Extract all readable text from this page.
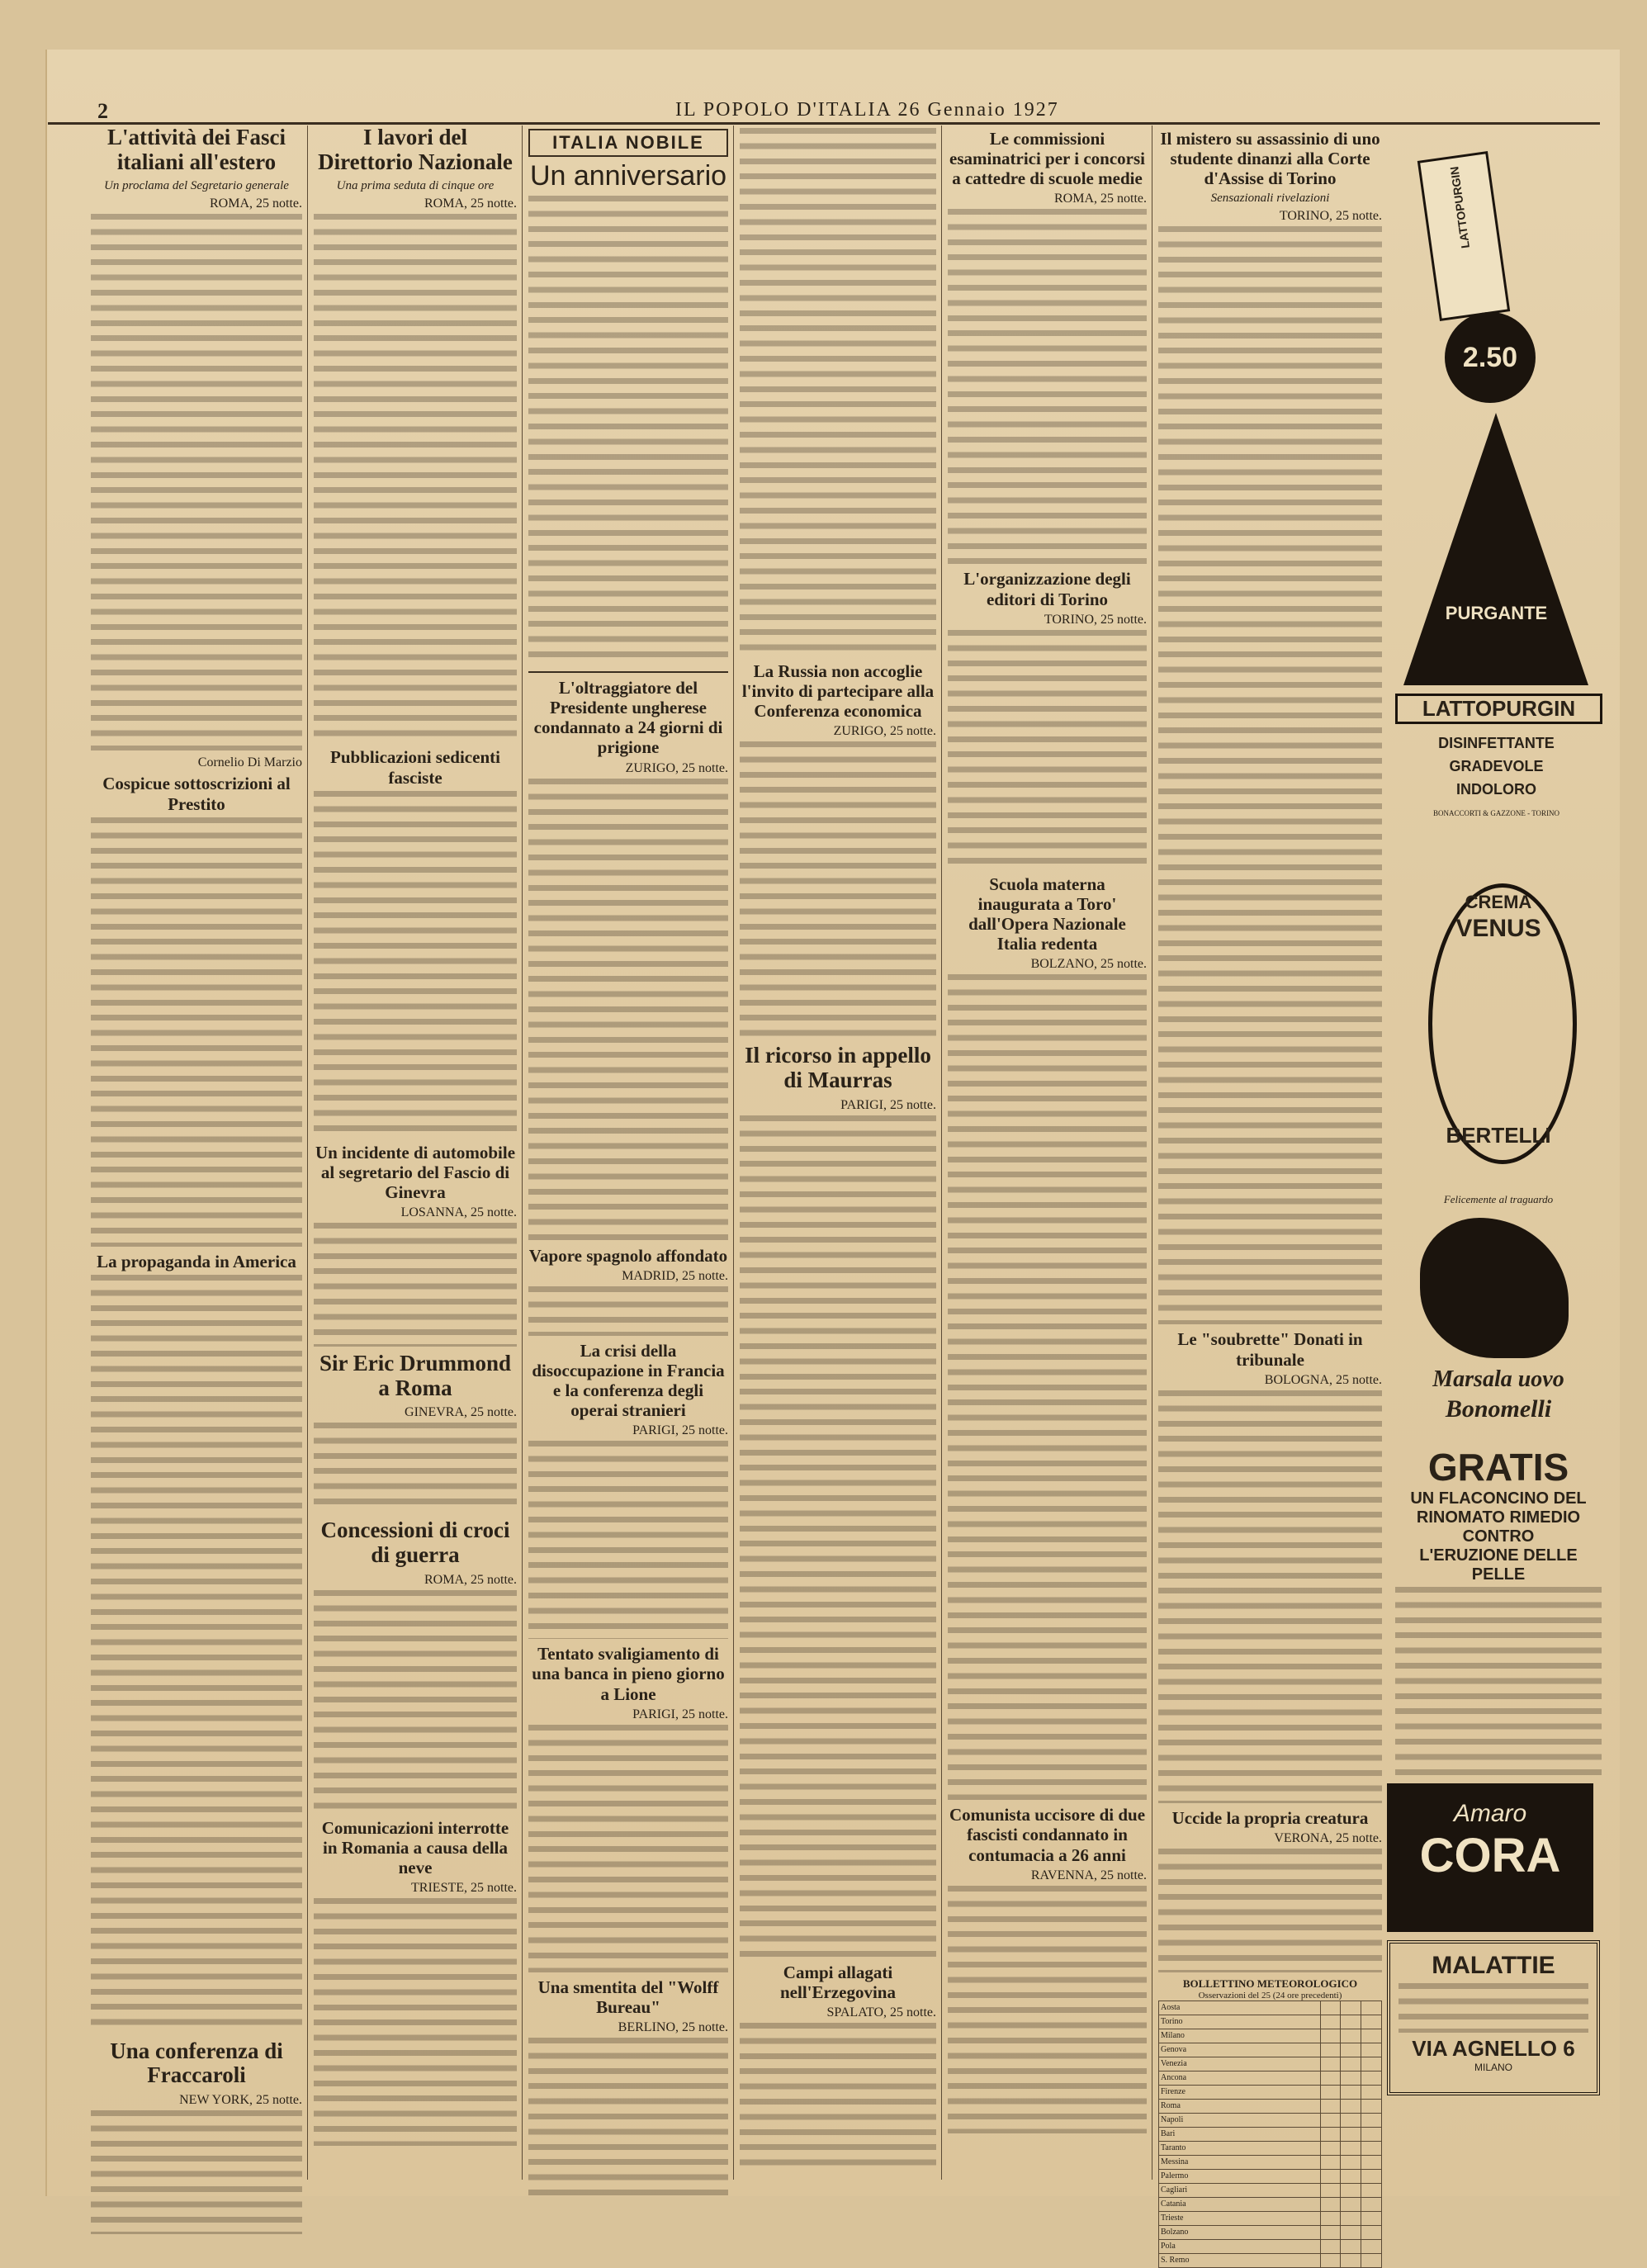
2	IL POPOLO D'ITALIA 26 Gennaio 1927
L'attività dei Fasci italiani all'estero
Un proclama del Segretario generale
ROMA, 25 notte.
Cornelio Di Marzio
Cospicue sottoscrizioni al Prestito
La propaganda in America
Una conferenza di Fraccaroli
NEW YORK, 25 notte.
I lavori del Direttorio Nazionale
Una prima seduta di cinque ore
ROMA, 25 notte.
Pubblicazioni sedicenti fasciste
Un incidente di automobile al segretario del Fascio di Ginevra
LOSANNA, 25 notte.
Sir Eric Drummond a Roma
GINEVRA, 25 notte.
Concessioni di croci di guerra
ROMA, 25 notte.
Comunicazioni interrotte in Romania a causa della neve
TRIESTE, 25 notte.
ITALIA NOBILE
Un anniversario
L'oltraggiatore del Presidente ungherese condannato a 24 giorni di prigione
ZURIGO, 25 notte.
Vapore spagnolo affondato
MADRID, 25 notte.
La crisi della disoccupazione in Francia e la conferenza degli operai stranieri
PARIGI, 25 notte.
Tentato svaligiamento di una banca in pieno giorno a Lione
PARIGI, 25 notte.
Una smentita del "Wolff Bureau"
BERLINO, 25 notte.
La Russia non accoglie l'invito di partecipare alla Conferenza economica
ZURIGO, 25 notte.
Il ricorso in appello di Maurras
PARIGI, 25 notte.
Campi allagati nell'Erzegovina
SPALATO, 25 notte.
Le commissioni esaminatrici per i concorsi a cattedre di scuole medie
ROMA, 25 notte.
L'organizzazione degli editori di Torino
TORINO, 25 notte.
Scuola materna inaugurata a Toro' dall'Opera Nazionale Italia redenta
BOLZANO, 25 notte.
Comunista uccisore di due fascisti condannato in contumacia a 26 anni
RAVENNA, 25 notte.
Il mistero su assassinio di uno studente dinanzi alla Corte d'Assise di Torino
Sensazionali rivelazioni
TORINO, 25 notte.
Le "soubrette" Donati in tribunale
BOLOGNA, 25 notte.
Uccide la propria creatura
VERONA, 25 notte.
BOLLETTINO METEOROLOGICO
Osservazioni del 25 (24 ore precedenti)
Aosta			
Torino			
Milano			
Genova			
Venezia			
Ancona			
Firenze			
Roma			
Napoli			
Bari			
Taranto			
Messina			
Palermo			
Cagliari			
Catania			
Trieste			
Bolzano			
Pola			
S. Remo			
LATTOPURGIN
2.50
PURGANTE
LATTOPURGIN
DISINFETTANTE
GRADEVOLE
INDOLORO
BONACCORTI & GAZZONE - TORINO
CREMA
VENUS
BERTELLI
Felicemente al traguardo
Marsala uovo
Bonomelli
GRATIS
UN FLACONCINO DEL
RINOMATO RIMEDIO CONTRO
L'ERUZIONE DELLE PELLE
Amaro
CORA
MALATTIE
VIA AGNELLO 6
MILANO
